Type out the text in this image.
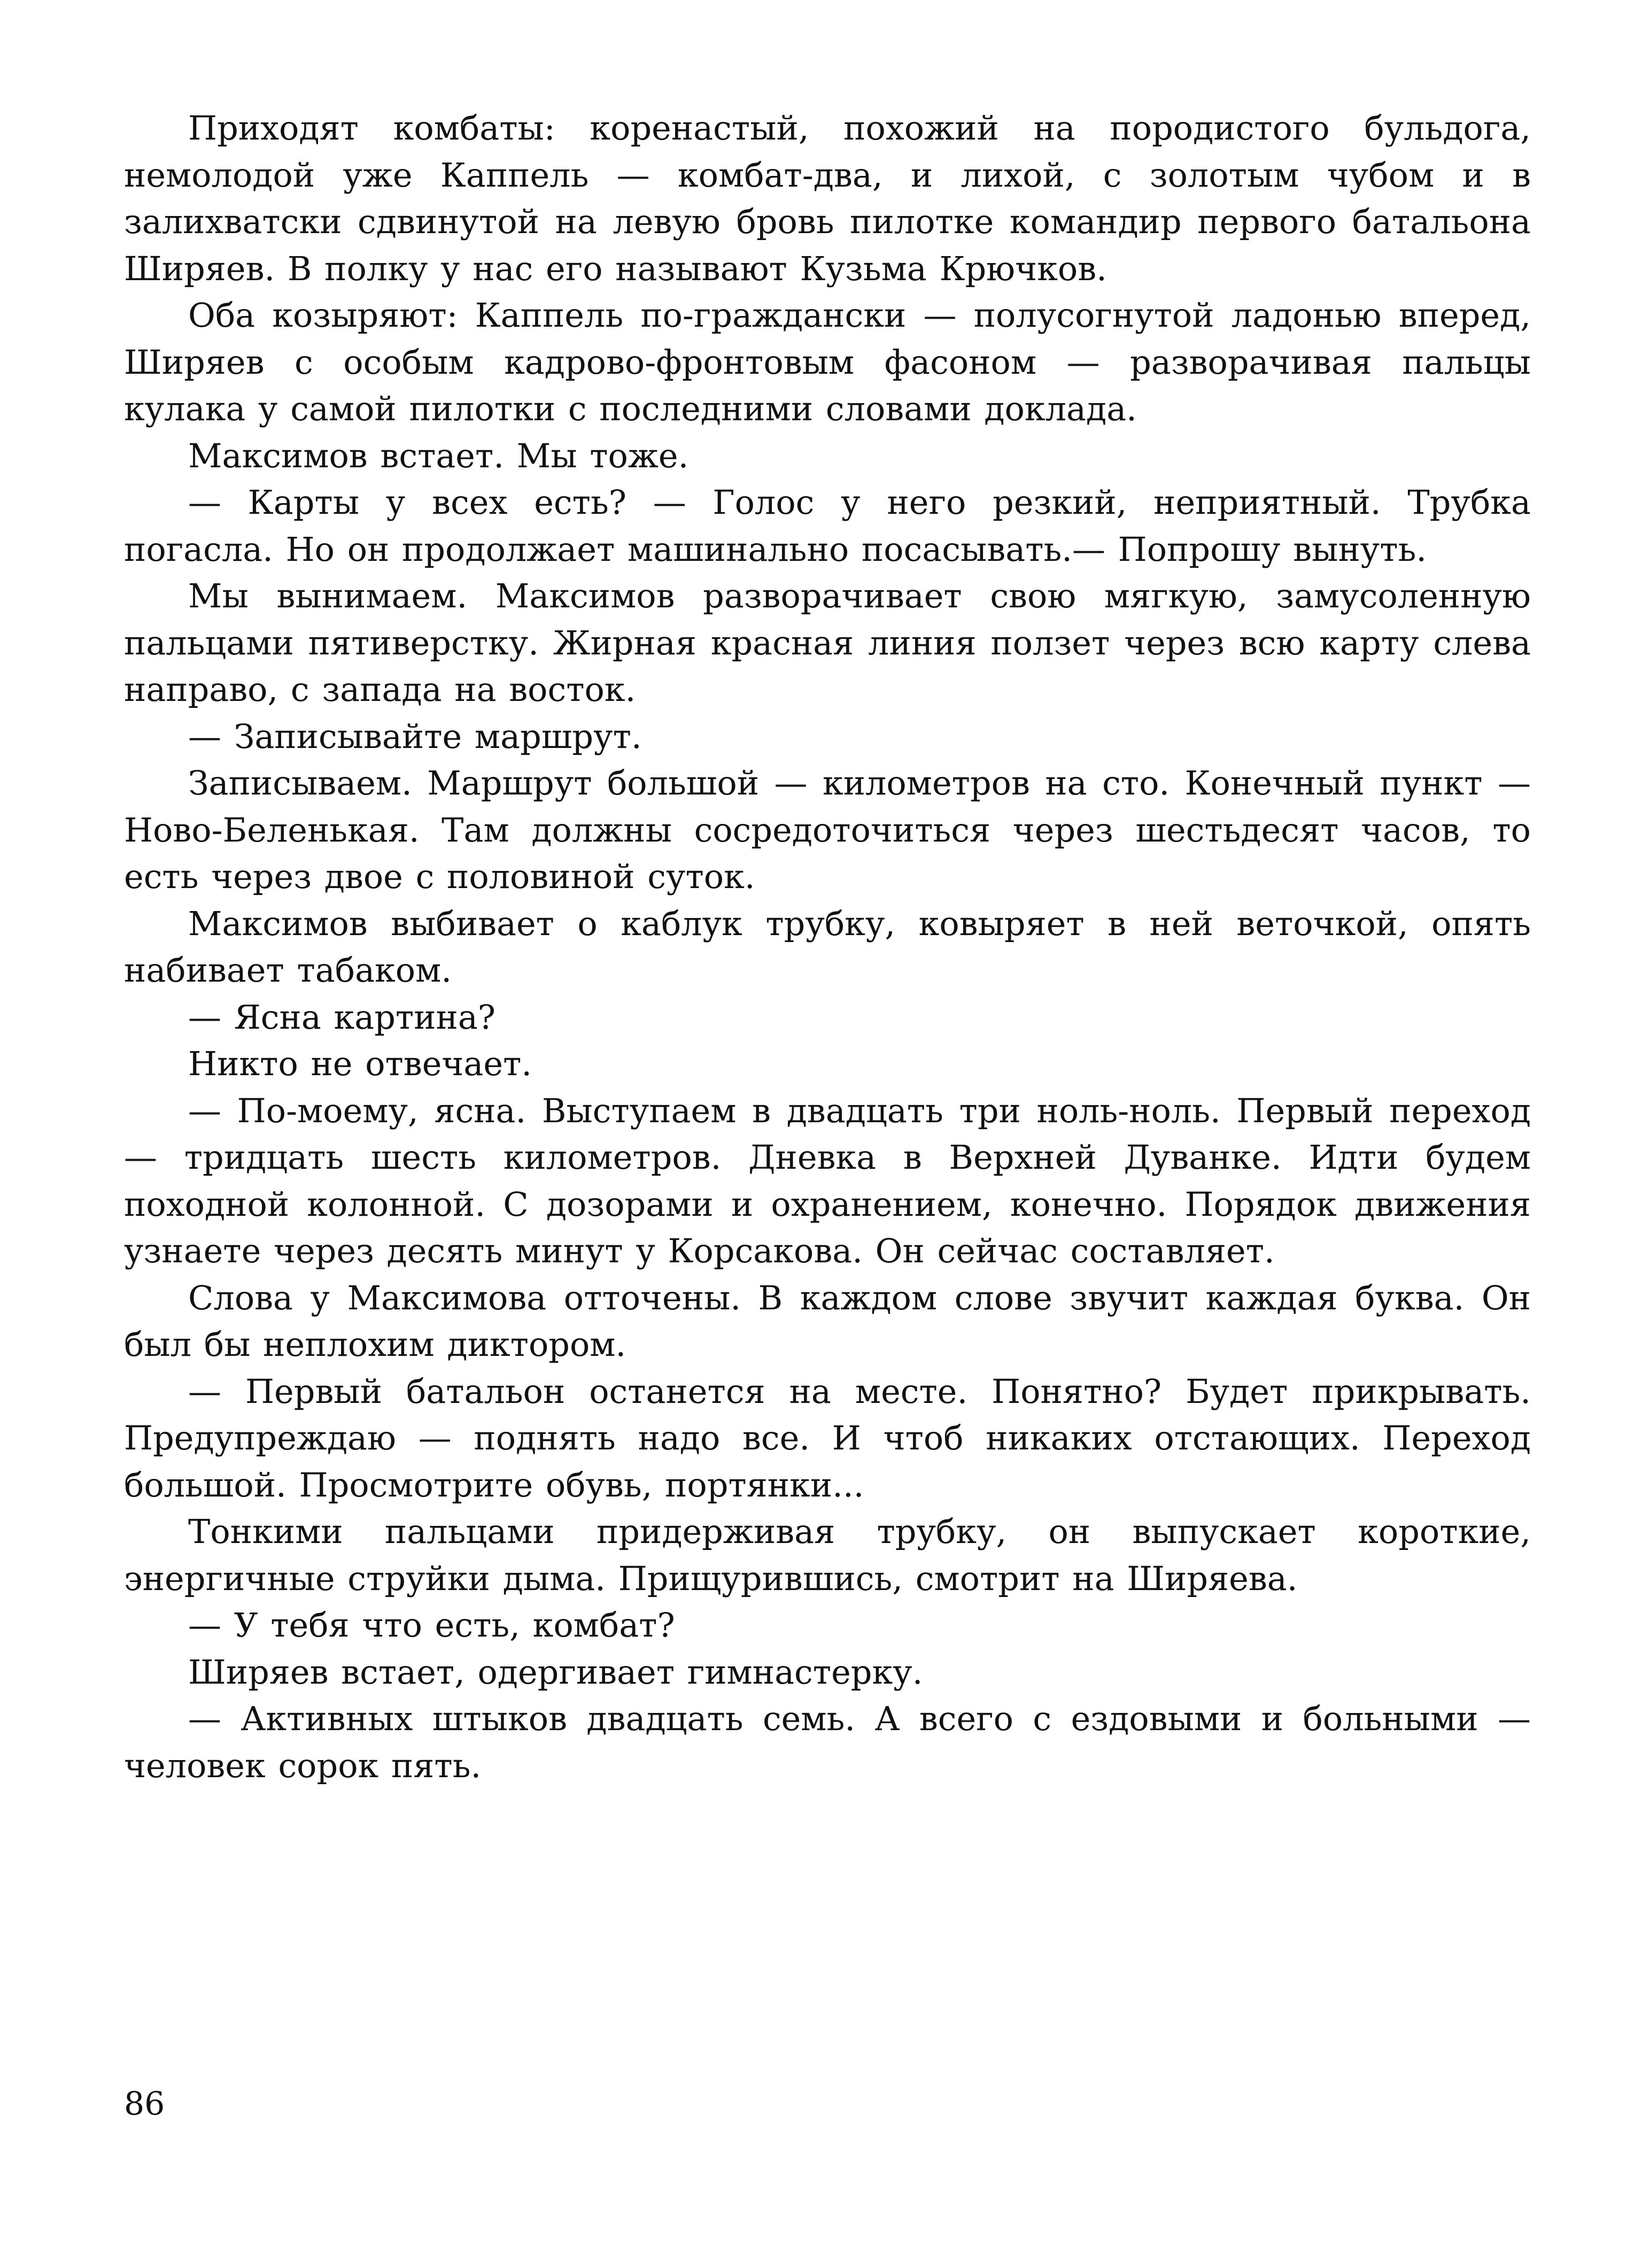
Приходят комбаты: коренастый, похожий на породистого бульдога, немолодой уже Каппель — комбат-два, и лихой, с золотым чубом и в залихватски сдвинутой на левую бровь пилотке командир первого батальона Ширяев. В полку у нас его называют Кузьма Крючков.

Оба козыряют: Каппель по-граждански — полусогнутой ладонью вперед, Ширяев с особым кадрово-фронтовым фасоном — разворачивая пальцы кулака у самой пилотки с последними словами доклада.

Максимов встает. Мы тоже.

— Карты у всех есть? — Голос у него резкий, неприятный. Трубка погасла. Но он продолжает машинально посасывать.— Попрошу вынуть.

Мы вынимаем. Максимов разворачивает свою мягкую, замусоленную пальцами пятиверстку. Жирная красная линия ползет через всю карту слева направо, с запада на восток.

— Записывайте маршрут.

Записываем. Маршрут большой — километров на сто. Конечный пункт — Ново-Беленькая. Там должны сосредоточиться через шестьдесят часов, то есть через двое с половиной суток.

Максимов выбивает о каблук трубку, ковыряет в ней веточкой, опять набивает табаком.

— Ясна картина?

Никто не отвечает.

— По-моему, ясна. Выступаем в двадцать три ноль-ноль. Первый переход — тридцать шесть километров. Дневка в Верхней Дуванке. Идти будем походной колонной. С дозорами и охранением, конечно. Порядок движения узнаете через десять минут у Корсакова. Он сейчас составляет.

Слова у Максимова отточены. В каждом слове звучит каждая буква. Он был бы неплохим диктором.

— Первый батальон останется на месте. Понятно? Будет прикрывать. Предупреждаю — поднять надо все. И чтоб никаких отстающих. Переход большой. Просмотрите обувь, портянки...

Тонкими пальцами придерживая трубку, он выпускает короткие, энергичные струйки дыма. Прищурившись, смотрит на Ширяева.

— У тебя что есть, комбат?

Ширяев встает, одергивает гимнастерку.

— Активных штыков двадцать семь. А всего с ездовыми и больными — человек сорок пять.

86
